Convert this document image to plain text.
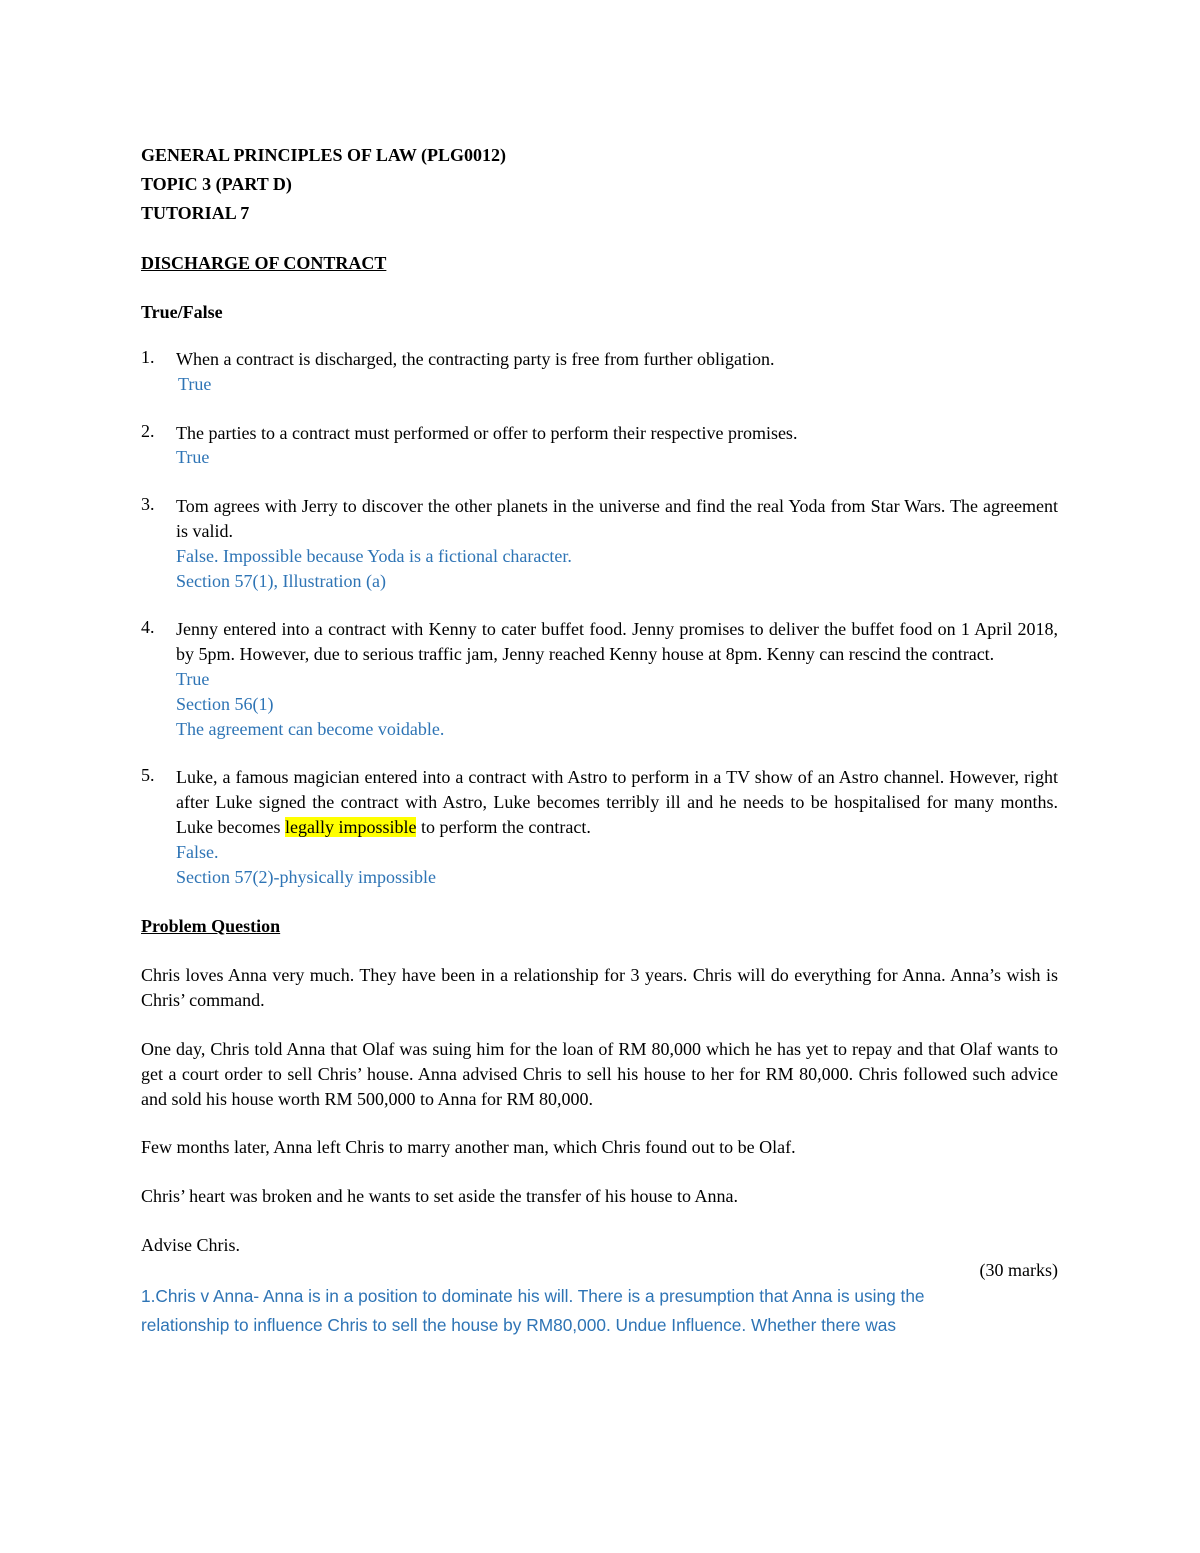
GENERAL PRINCIPLES OF LAW (PLG0012)

TOPIC 3 (PART D)

TUTORIAL 7

DISCHARGE OF CONTRACT

True/False

1. When a contract is discharged, the contracting party is free from further obligation.
True
2. The parties to a contract must performed or offer to perform their respective promises.
True
3. Tom agrees with Jerry to discover the other planets in the universe and find the real Yoda from Star Wars. The agreement is valid.
False. Impossible because Yoda is a fictional character.
Section 57(1), Illustration (a)
4. Jenny entered into a contract with Kenny to cater buffet food. Jenny promises to deliver the buffet food on 1 April 2018, by 5pm. However, due to serious traffic jam, Jenny reached Kenny house at 8pm. Kenny can rescind the contract.
True
Section 56(1)
The agreement can become voidable.
5. Luke, a famous magician entered into a contract with Astro to perform in a TV show of an Astro channel. However, right after Luke signed the contract with Astro, Luke becomes terribly ill and he needs to be hospitalised for many months. Luke becomes legally impossible to perform the contract.
False.
Section 57(2)-physically impossible

Problem Question

Chris loves Anna very much. They have been in a relationship for 3 years. Chris will do everything for Anna. Anna’s wish is Chris’ command.

One day, Chris told Anna that Olaf was suing him for the loan of RM 80,000 which he has yet to repay and that Olaf wants to get a court order to sell Chris’ house. Anna advised Chris to sell his house to her for RM 80,000. Chris followed such advice and sold his house worth RM 500,000 to Anna for RM 80,000.

Few months later, Anna left Chris to marry another man, which Chris found out to be Olaf.

Chris’ heart was broken and he wants to set aside the transfer of his house to Anna.

Advise Chris.

(30 marks)

1.Chris v Anna- Anna is in a position to dominate his will. There is a presumption that Anna is using the

relationship to influence Chris to sell the house by RM80,000. Undue Influence. Whether there was
